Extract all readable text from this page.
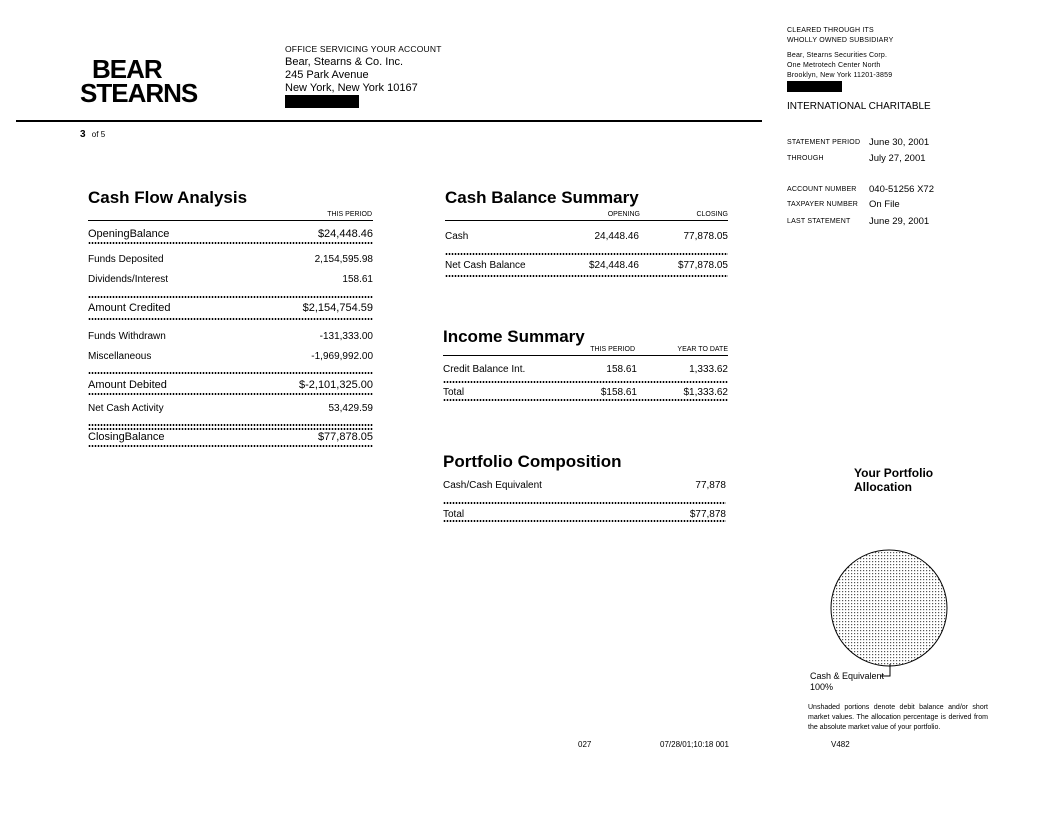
BEAR
STEARNS
OFFICE SERVICING YOUR ACCOUNT
Bear, Stearns & Co. Inc.
245 Park Avenue
New York, New York 10167
3 of 5
CLEARED THROUGH ITS
WHOLLY OWNED SUBSIDIARY
Bear, Stearns Securities Corp.
One Metrotech Center North
Brooklyn, New York 11201-3859
INTERNATIONAL CHARITABLE
STATEMENT PERIOD June 30, 2001
THROUGH	July 27, 2001
ACCOUNT NUMBER 040-51256 X72
TAXPAYER NUMBER On File
LAST STATEMENT June 29, 2001
Cash Flow Analysis
THIS PERIOD
OpeningBalance	$24,448.46
Funds Deposited	2,154,595.98
Dividends/Interest	158.61
Amount Credited	$2,154,754.59
Funds Withdrawn	-131,333.00
Miscellaneous	-1,969,992.00
Amount Debited	$-2,101,325.00
Net Cash Activity	53,429.59
ClosingBalance	$77,878.05
Cash Balance Summary
OPENING	CLOSING
Cash	24,448.46	77,878.05
Net Cash Balance	$24,448.46	$77,878.05
Income Summary
THIS PERIOD	YEAR TO DATE
Credit Balance Int.	158.61	1,333.62
Total	$158.61	$1,333.62
Portfolio Composition
Cash/Cash Equivalent	77,878
Total	$77,878
Your Portfolio
Allocation
Cash & Equivalent
100%
Unshaded portions denote debit balance and/or short market values. The allocation percentage is derived from the absolute market value of your portfolio.
027	07/28/01;10:18 001	V482
